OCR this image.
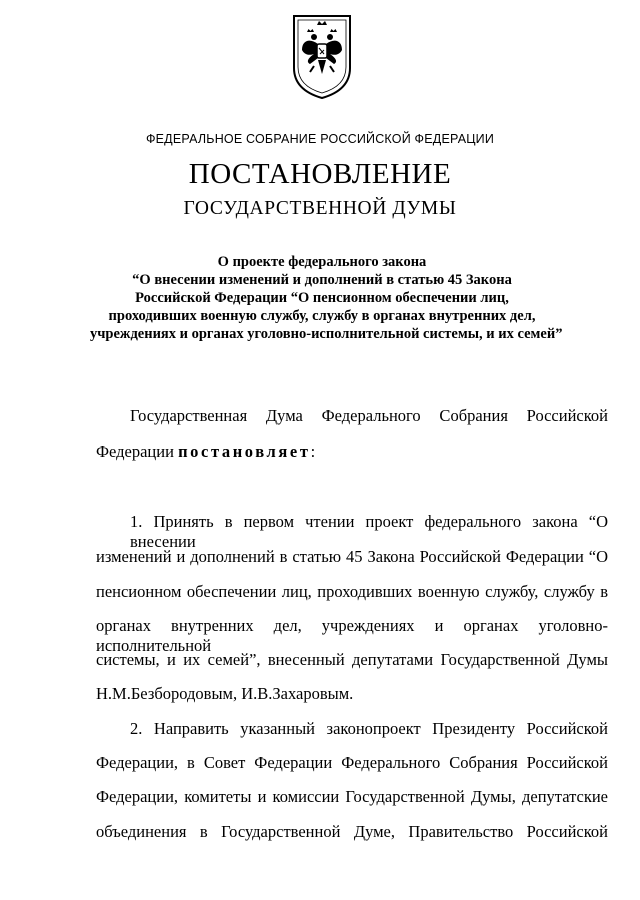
ФЕДЕРАЛЬНОЕ СОБРАНИЕ РОССИЙСКОЙ ФЕДЕРАЦИИ
ПОСТАНОВЛЕНИЕ
ГОСУДАРСТВЕННОЙ ДУМЫ
О проекте федерального закона
“О внесении изменений и дополнений в статью 45 Закона
Российской Федерации “О пенсионном обеспечении лиц,
проходивших военную службу, службу в органах внутренних дел,
учреждениях и органах уголовно-исполнительной системы, и их семей”
Государственная Дума Федерального Собрания Российской
Федерации постановляет:
1. Принять в первом чтении проект федерального закона “О внесении
изменений и дополнений в статью 45 Закона Российской Федерации “О
пенсионном обеспечении лиц, проходивших военную службу, службу в
органах внутренних дел, учреждениях и органах уголовно-исполнительной
системы, и их семей”, внесенный депутатами Государственной Думы
Н.М.Безбородовым, И.В.Захаровым.
2. Направить указанный законопроект Президенту Российской
Федерации, в Совет Федерации Федерального Собрания Российской
Федерации, комитеты и комиссии Государственной Думы, депутатские
объединения в Государственной Думе, Правительство Российской
